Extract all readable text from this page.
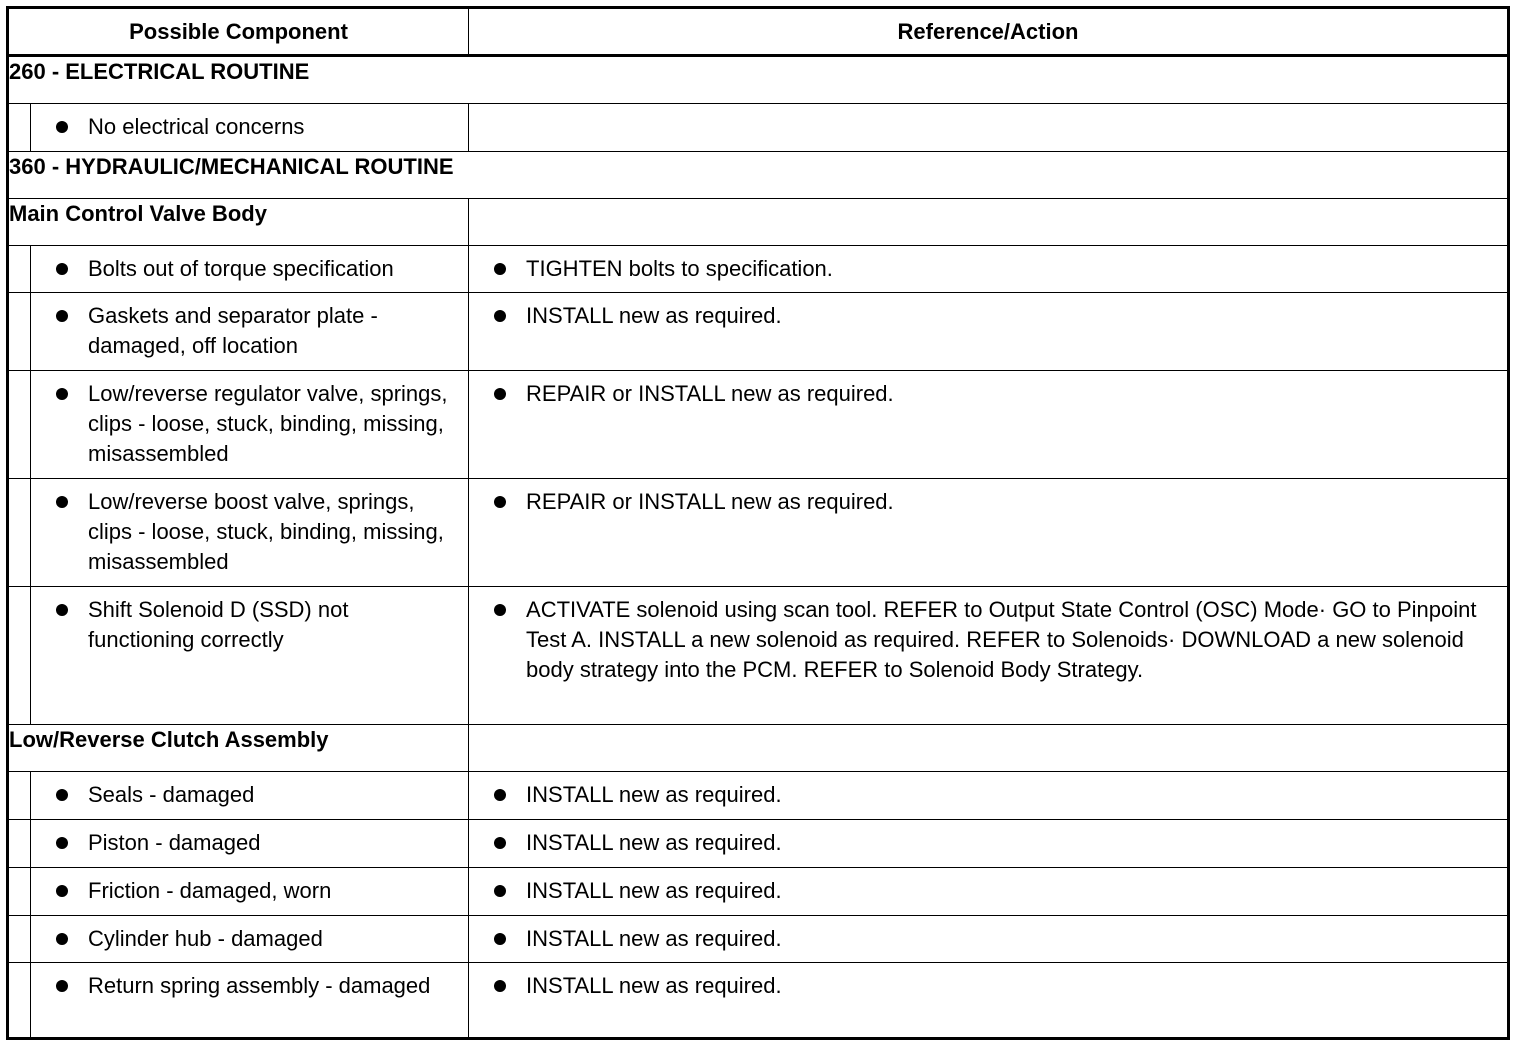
Possible Component		Reference/Action
260 - ELECTRICAL ROUTINE		

	No electrical concerns	

360 - HYDRAULIC/MECHANICAL ROUTINE		
Main Control Valve Body		

	Bolts out of torque specification	TIGHTEN bolts to specification.

	Gaskets and separator plate - damaged, off location	INSTALL new as required.

	Low/reverse regulator valve, springs, clips - loose, stuck, binding, missing, misassembled	REPAIR or INSTALL new as required.

	Low/reverse boost valve, springs, clips - loose, stuck, binding, missing, misassembled	REPAIR or INSTALL new as required.

	Shift Solenoid D (SSD) not functioning correctly	ACTIVATE solenoid using scan tool. REFER to Output State Control (OSC) Mode· GO to Pinpoint Test A. INSTALL a new solenoid as required. REFER to Solenoids· DOWNLOAD a new solenoid body strategy into the PCM. REFER to Solenoid Body Strategy.

Low/Reverse Clutch Assembly		

	Seals - damaged	INSTALL new as required.

	Piston - damaged	INSTALL new as required.

	Friction - damaged, worn	INSTALL new as required.

	Cylinder hub - damaged	INSTALL new as required.

	Return spring assembly - damaged	INSTALL new as required.
